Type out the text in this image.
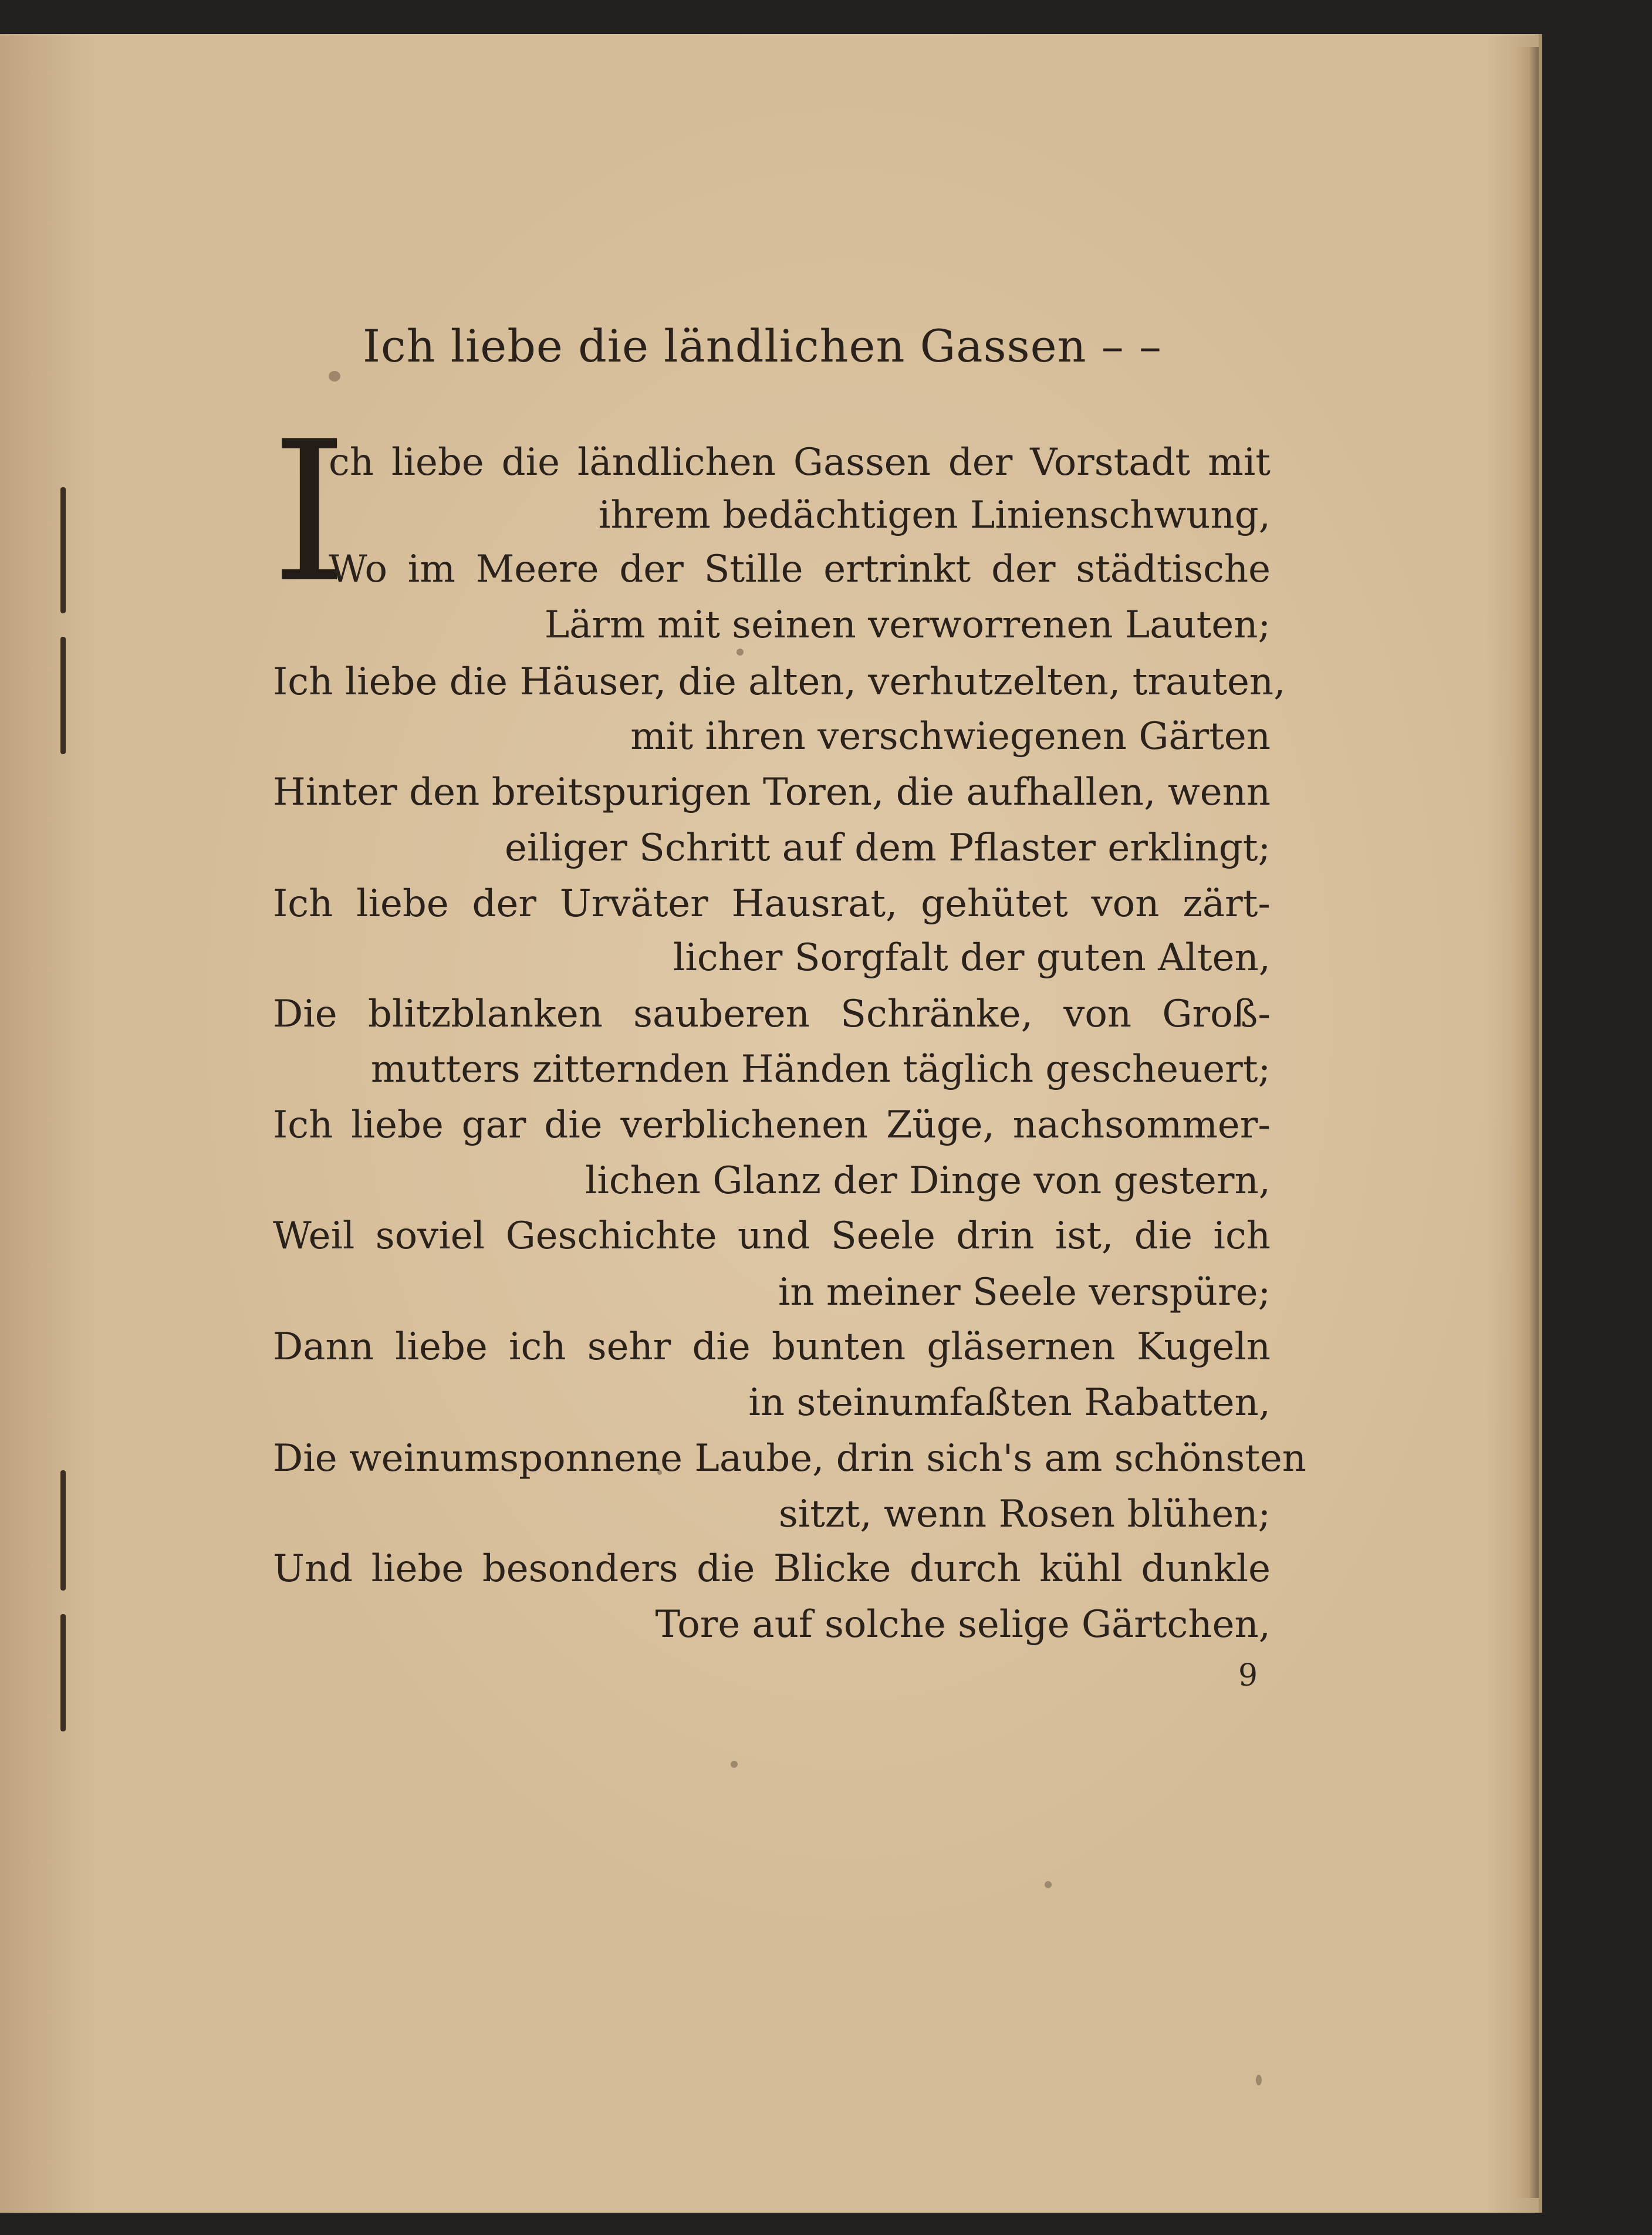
Ich liebe die ländlichen Gassen – –
I
ch liebe die ländlichen Gassen der Vorstadt mit
ihrem bedächtigen Linienschwung,
Wo im Meere der Stille ertrinkt der städtische
Lärm mit seinen verworrenen Lauten;
Ich liebe die Häuser, die alten, verhutzelten, trauten,
mit ihren verschwiegenen Gärten
Hinter den breitspurigen Toren, die aufhallen, wenn
eiliger Schritt auf dem Pflaster erklingt;
Ich liebe der Urväter Hausrat, gehütet von zärt-
licher Sorgfalt der guten Alten,
Die blitzblanken sauberen Schränke, von Groß-
mutters zitternden Händen täglich gescheuert;
Ich liebe gar die verblichenen Züge, nachsommer-
lichen Glanz der Dinge von gestern,
Weil soviel Geschichte und Seele drin ist, die ich
in meiner Seele verspüre;
Dann liebe ich sehr die bunten gläsernen Kugeln
in steinumfaßten Rabatten,
Die weinumsponnene Laube, drin sich's am schönsten
sitzt, wenn Rosen blühen;
Und liebe besonders die Blicke durch kühl dunkle
Tore auf solche selige Gärtchen,
9
